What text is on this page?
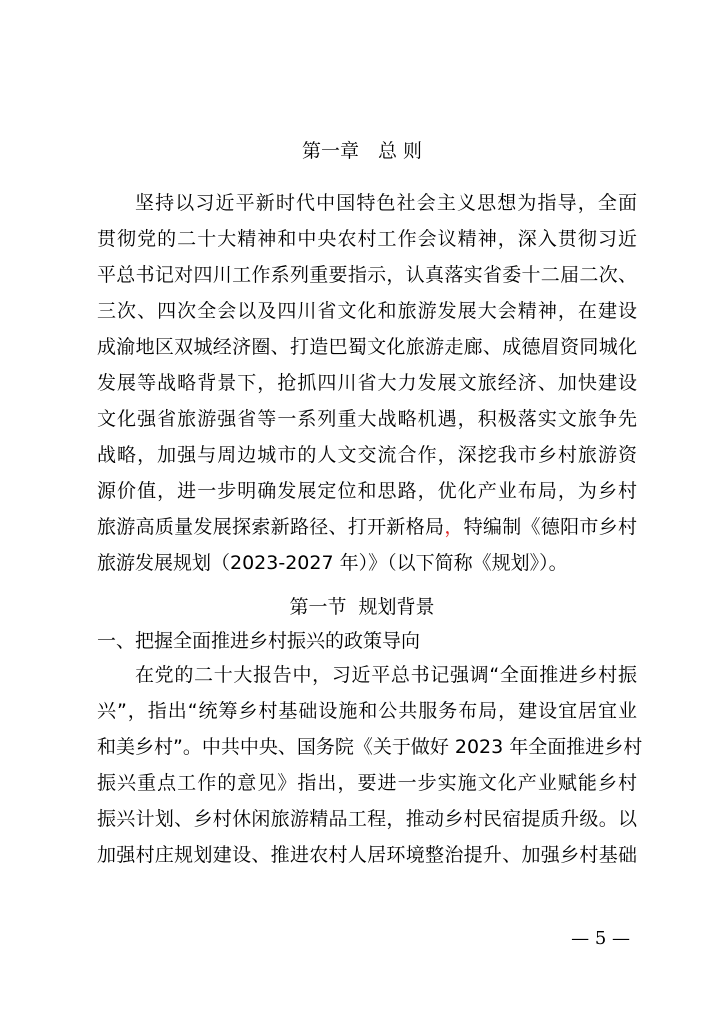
第一章　总 则
坚持以习近平新时代中国特色社会主义思想为指导，全面
贯彻党的二十大精神和中央农村工作会议精神，深入贯彻习近
平总书记对四川工作系列重要指示，认真落实省委十二届二次、
三次、四次全会以及四川省文化和旅游发展大会精神，在建设
成渝地区双城经济圈、打造巴蜀文化旅游走廊、成德眉资同城化
发展等战略背景下，抢抓四川省大力发展文旅经济、加快建设
文化强省旅游强省等一系列重大战略机遇，积极落实文旅争先
战略，加强与周边城市的人文交流合作，深挖我市乡村旅游资
源价值，进一步明确发展定位和思路，优化产业布局，为乡村
旅游高质量发展探索新路径、打开新格局，特编制《德阳市乡村
旅游发展规划（2023-2027 年）》（以下简称《规划》）。
第一节  规划背景
一、把握全面推进乡村振兴的政策导向
在党的二十大报告中，习近平总书记强调“全面推进乡村振
兴”，指出“统筹乡村基础设施和公共服务布局，建设宜居宜业
和美乡村”。中共中央、国务院《关于做好 2023 年全面推进乡村
振兴重点工作的意见》指出，要进一步实施文化产业赋能乡村
振兴计划、乡村休闲旅游精品工程，推动乡村民宿提质升级。以
加强村庄规划建设、推进农村人居环境整治提升、加强乡村基础
— 5 —
